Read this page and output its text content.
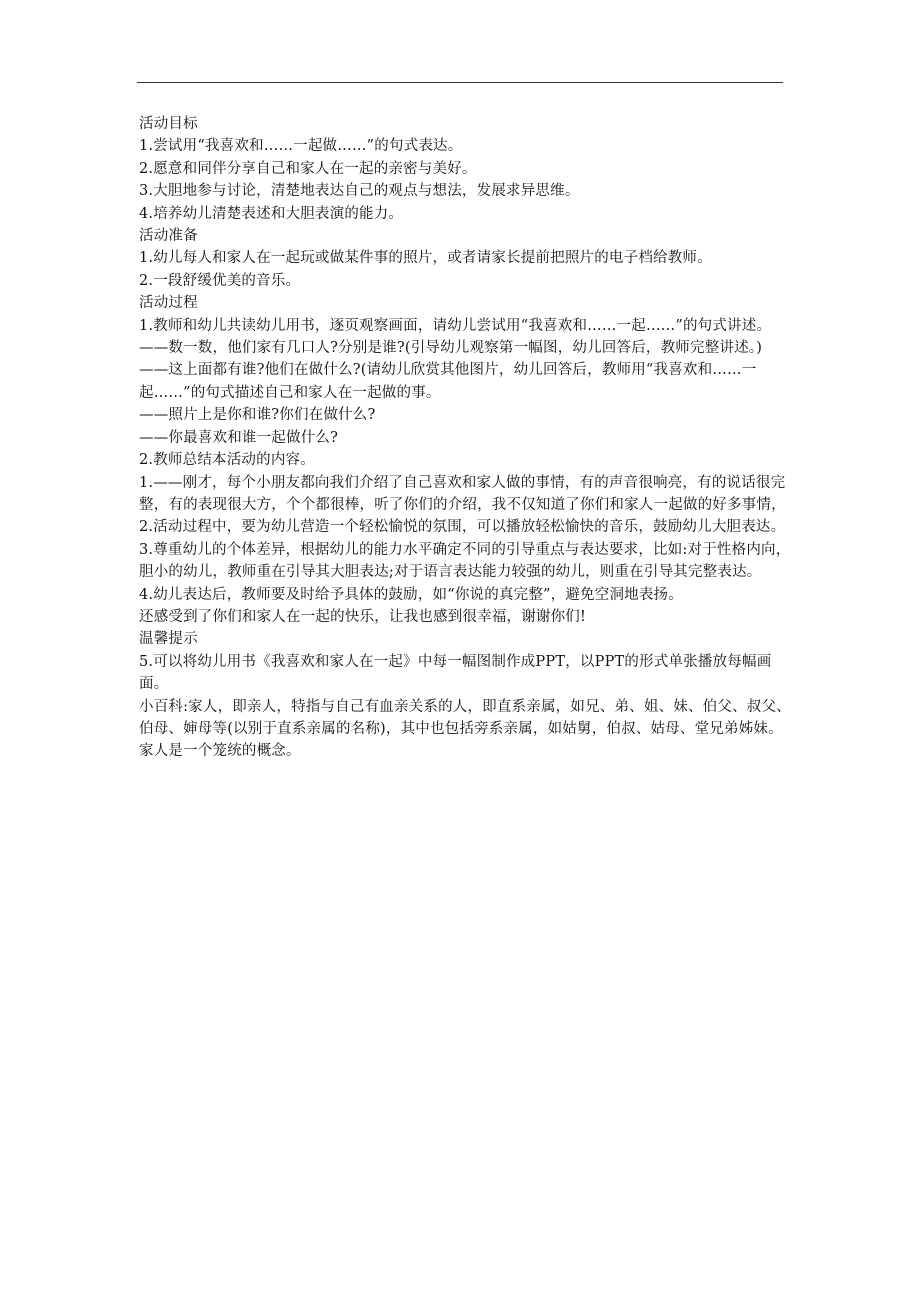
活动目标

1.尝试用“我喜欢和……一起做……”的句式表达。

2.愿意和同伴分享自己和家人在一起的亲密与美好。

3.大胆地参与讨论，清楚地表达自己的观点与想法，发展求异思维。

4.培养幼儿清楚表述和大胆表演的能力。

活动准备

1.幼儿每人和家人在一起玩或做某件事的照片，或者请家长提前把照片的电子档给教师。

2.一段舒缓优美的音乐。

活动过程

1.教师和幼儿共读幼儿用书，逐页观察画面，请幼儿尝试用“我喜欢和……一起……”的句式讲述。

——数一数，他们家有几口人?分别是谁?(引导幼儿观察第一幅图，幼儿回答后，教师完整讲述。)

——这上面都有谁?他们在做什么?(请幼儿欣赏其他图片，幼儿回答后，教师用“我喜欢和……一起……”的句式描述自己和家人在一起做的事。

——照片上是你和谁?你们在做什么?

——你最喜欢和谁一起做什么?

2.教师总结本活动的内容。

1.——刚才，每个小朋友都向我们介绍了自己喜欢和家人做的事情，有的声音很响亮，有的说话很完整，有的表现很大方，个个都很棒，听了你们的介绍，我不仅知道了你们和家人一起做的好多事情，

2.活动过程中，要为幼儿营造一个轻松愉悦的氛围，可以播放轻松愉快的音乐，鼓励幼儿大胆表达。

3.尊重幼儿的个体差异，根据幼儿的能力水平确定不同的引导重点与表达要求，比如:对于性格内向，胆小的幼儿，教师重在引导其大胆表达;对于语言表达能力较强的幼儿，则重在引导其完整表达。

4.幼儿表达后，教师要及时给予具体的鼓励，如“你说的真完整”，避免空洞地表扬。

还感受到了你们和家人在一起的快乐，让我也感到很幸福，谢谢你们!

温馨提示

5.可以将幼儿用书《我喜欢和家人在一起》中每一幅图制作成PPT，以PPT的形式单张播放每幅画面。

小百科:家人，即亲人，特指与自己有血亲关系的人，即直系亲属，如兄、弟、姐、妹、伯父、叔父、伯母、婶母等(以别于直系亲属的名称)，其中也包括旁系亲属，如姑舅，伯叔、姑母、堂兄弟姊妹。家人是一个笼统的概念。
